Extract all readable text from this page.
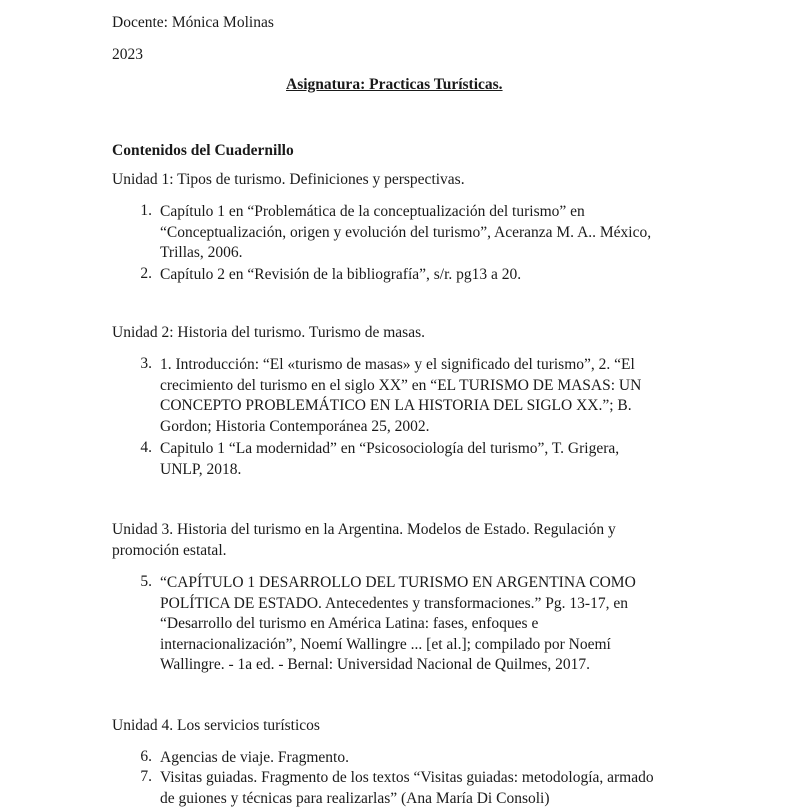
Docente: Mónica Molinas
2023
Asignatura: Practicas Turísticas.
Contenidos del Cuadernillo
Unidad 1: Tipos de turismo. Definiciones y perspectivas.
1. Capítulo 1 en “Problemática de la conceptualización del turismo” en
“Conceptualización, origen y evolución del turismo”, Aceranza M. A.. México,
Trillas, 2006.
2. Capítulo 2 en “Revisión de la bibliografía”, s/r. pg13 a 20.
Unidad 2: Historia del turismo. Turismo de masas.
3. 1. Introducción: “El «turismo de masas» y el significado del turismo”, 2. “El
crecimiento del turismo en el siglo XX” en “EL TURISMO DE MASAS: UN
CONCEPTO PROBLEMÁTICO EN LA HISTORIA DEL SIGLO XX.”; B.
Gordon; Historia Contemporánea 25, 2002.
4. Capitulo 1 “La modernidad” en “Psicosociología del turismo”, T. Grigera,
UNLP, 2018.
Unidad 3. Historia del turismo en la Argentina. Modelos de Estado. Regulación y
promoción estatal.
5. “CAPÍTULO 1 DESARROLLO DEL TURISMO EN ARGENTINA COMO
POLÍTICA DE ESTADO. Antecedentes y transformaciones.” Pg. 13-17, en
“Desarrollo del turismo en América Latina: fases, enfoques e
internacionalización”, Noemí Wallingre ... [et al.]; compilado por Noemí
Wallingre. - 1a ed. - Bernal: Universidad Nacional de Quilmes, 2017.
Unidad 4. Los servicios turísticos
6. Agencias de viaje. Fragmento.
7. Visitas guiadas. Fragmento de los textos “Visitas guiadas: metodología, armado
de guiones y técnicas para realizarlas” (Ana María Di Consoli)
